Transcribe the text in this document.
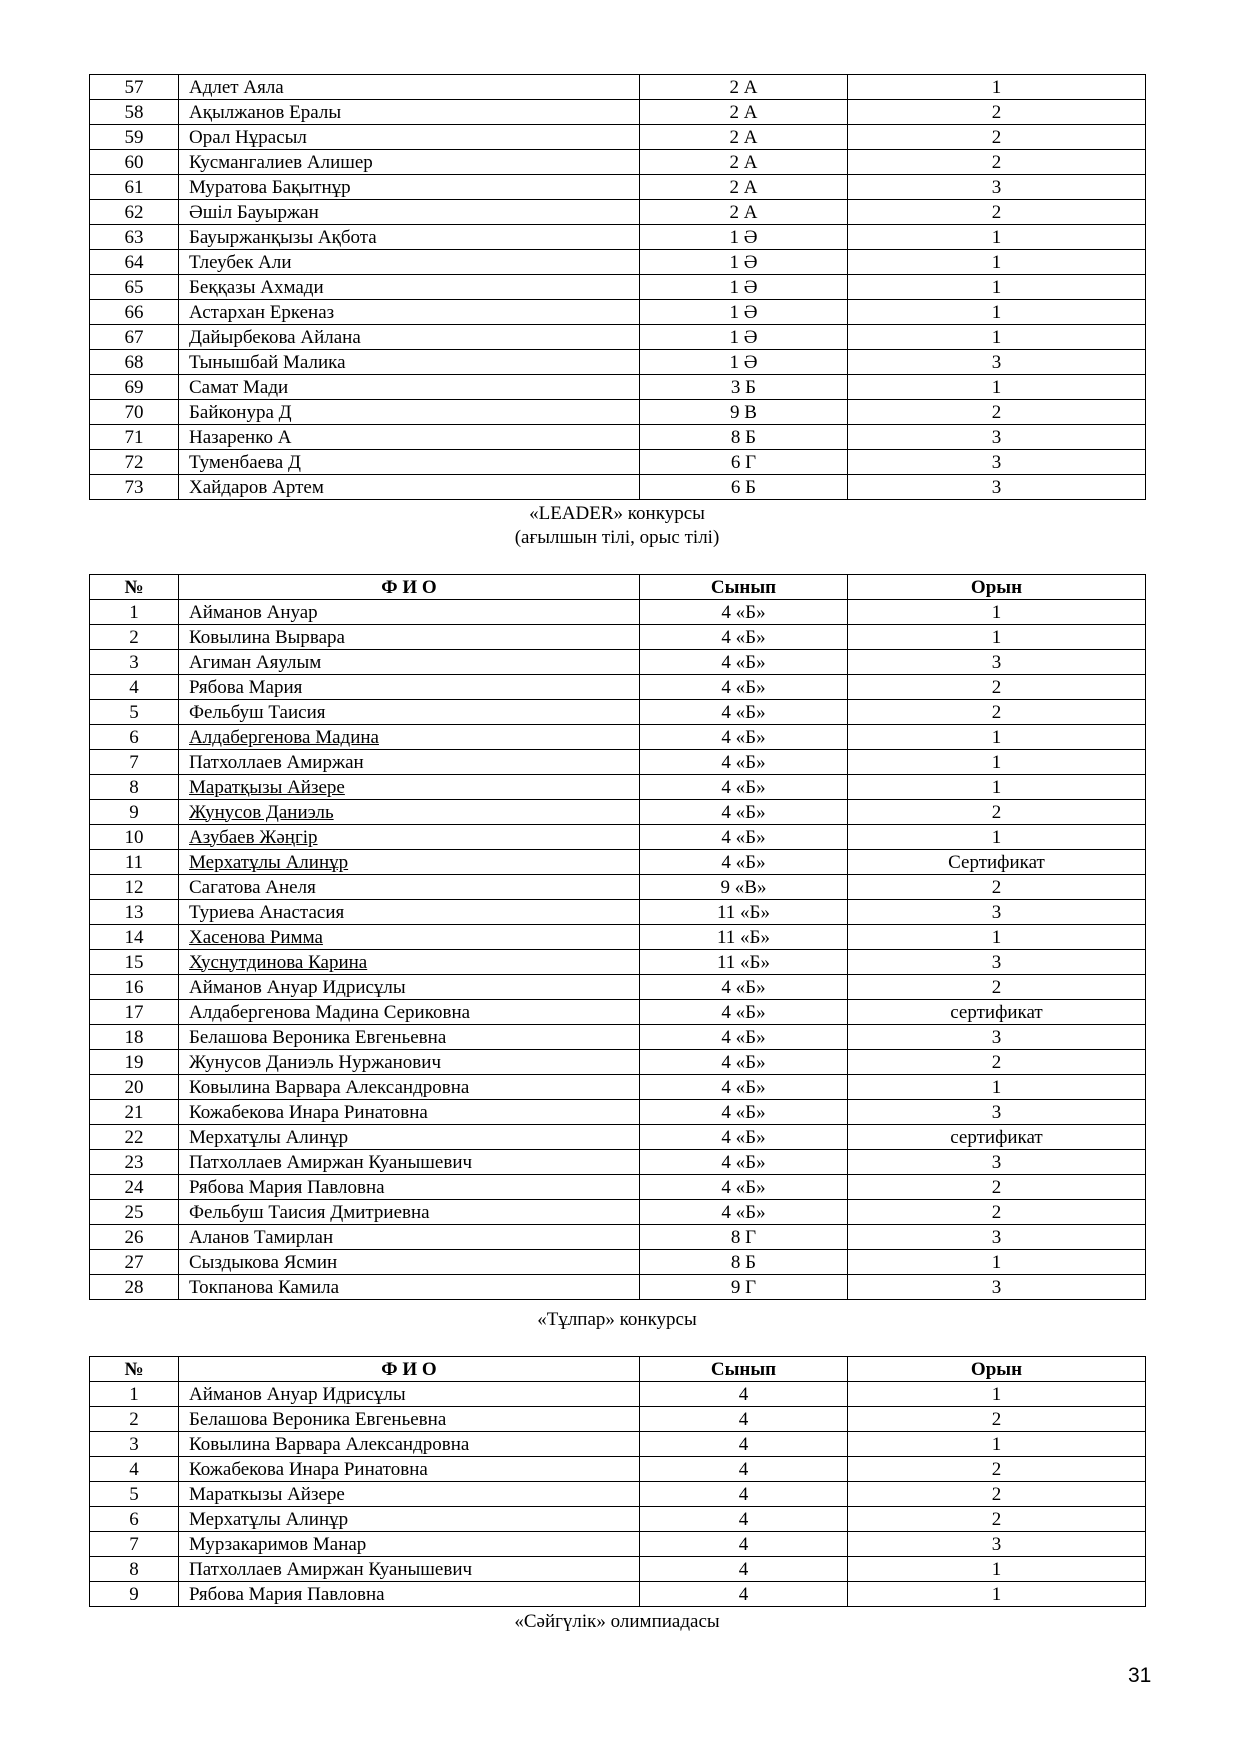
57	Адлет Аяла	2 А	1
58	Ақылжанов Ералы	2 А	2
59	Орал Нұрасыл	2 А	2
60	Кусмангалиев Алишер	2 А	2
61	Муратова Бақытнұр	2 А	3
62	Әшіл Бауыржан	2 А	2
63	Бауыржанқызы Ақбота	1 Ә	1
64	Тлеубек Али	1 Ә	1
65	Беққазы Ахмади	1 Ә	1
66	Астархан Еркеназ	1 Ә	1
67	Дайырбекова Айлана	1 Ә	1
68	Тынышбай Малика	1 Ә	3
69	Самат Мади	3 Б	1
70	Байконура Д	9 В	2
71	Назаренко А	8 Б	3
72	Туменбаева Д	6 Г	3
73	Хайдаров Артем	6 Б	3
«LEADER» конкурсы
(ағылшын тілі, орыс тілі)
№	Ф И О	Сынып	Орын
1	Айманов Ануар	4 «Б»	1
2	Ковылина Вырвара	4 «Б»	1
3	Агиман Аяулым	4 «Б»	3
4	Рябова Мария	4 «Б»	2
5	Фельбуш Таисия	4 «Б»	2
6	Алдабергенова Мадина	4 «Б»	1
7	Патхоллаев Амиржан	4 «Б»	1
8	Маратқызы Айзере	4 «Б»	1
9	Жунусов Даниэль	4 «Б»	2
10	Азубаев Жәңгір	4 «Б»	1
11	Мерхатұлы Алинұр	4 «Б»	Сертификат
12	Сагатова Анеля	9 «В»	2
13	Туриева Анастасия	11 «Б»	3
14	Хасенова Римма	11 «Б»	1
15	Хуснутдинова Карина	11 «Б»	3
16	Айманов Ануар Идрисұлы	4 «Б»	2
17	Алдабергенова Мадина Сериковна	4 «Б»	сертификат
18	Белашова Вероника Евгеньевна	4 «Б»	3
19	Жунусов Даниэль Нуржанович	4 «Б»	2
20	Ковылина Варвара Александровна	4 «Б»	1
21	Кожабекова Инара Ринатовна	4 «Б»	3
22	Мерхатұлы Алинұр	4 «Б»	сертификат
23	Патхоллаев Амиржан Куанышевич	4 «Б»	3
24	Рябова Мария Павловна	4 «Б»	2
25	Фельбуш Таисия Дмитриевна	4 «Б»	2
26	Аланов Тамирлан	8 Г	3
27	Сыздыкова Ясмин	8 Б	1
28	Токпанова Камила	9 Г	3
«Тұлпар» конкурсы
№	Ф И О	Сынып	Орын
1	Айманов Ануар Идрисұлы	4	1
2	Белашова Вероника Евгеньевна	4	2
3	Ковылина Варвара Александровна	4	1
4	Кожабекова Инара Ринатовна	4	2
5	Мараткызы Айзере	4	2
6	Мерхатұлы Алинұр	4	2
7	Мурзакаримов Манар	4	3
8	Патхоллаев Амиржан Куанышевич	4	1
9	Рябова Мария Павловна	4	1
«Сәйгүлік» олимпиадасы
31
